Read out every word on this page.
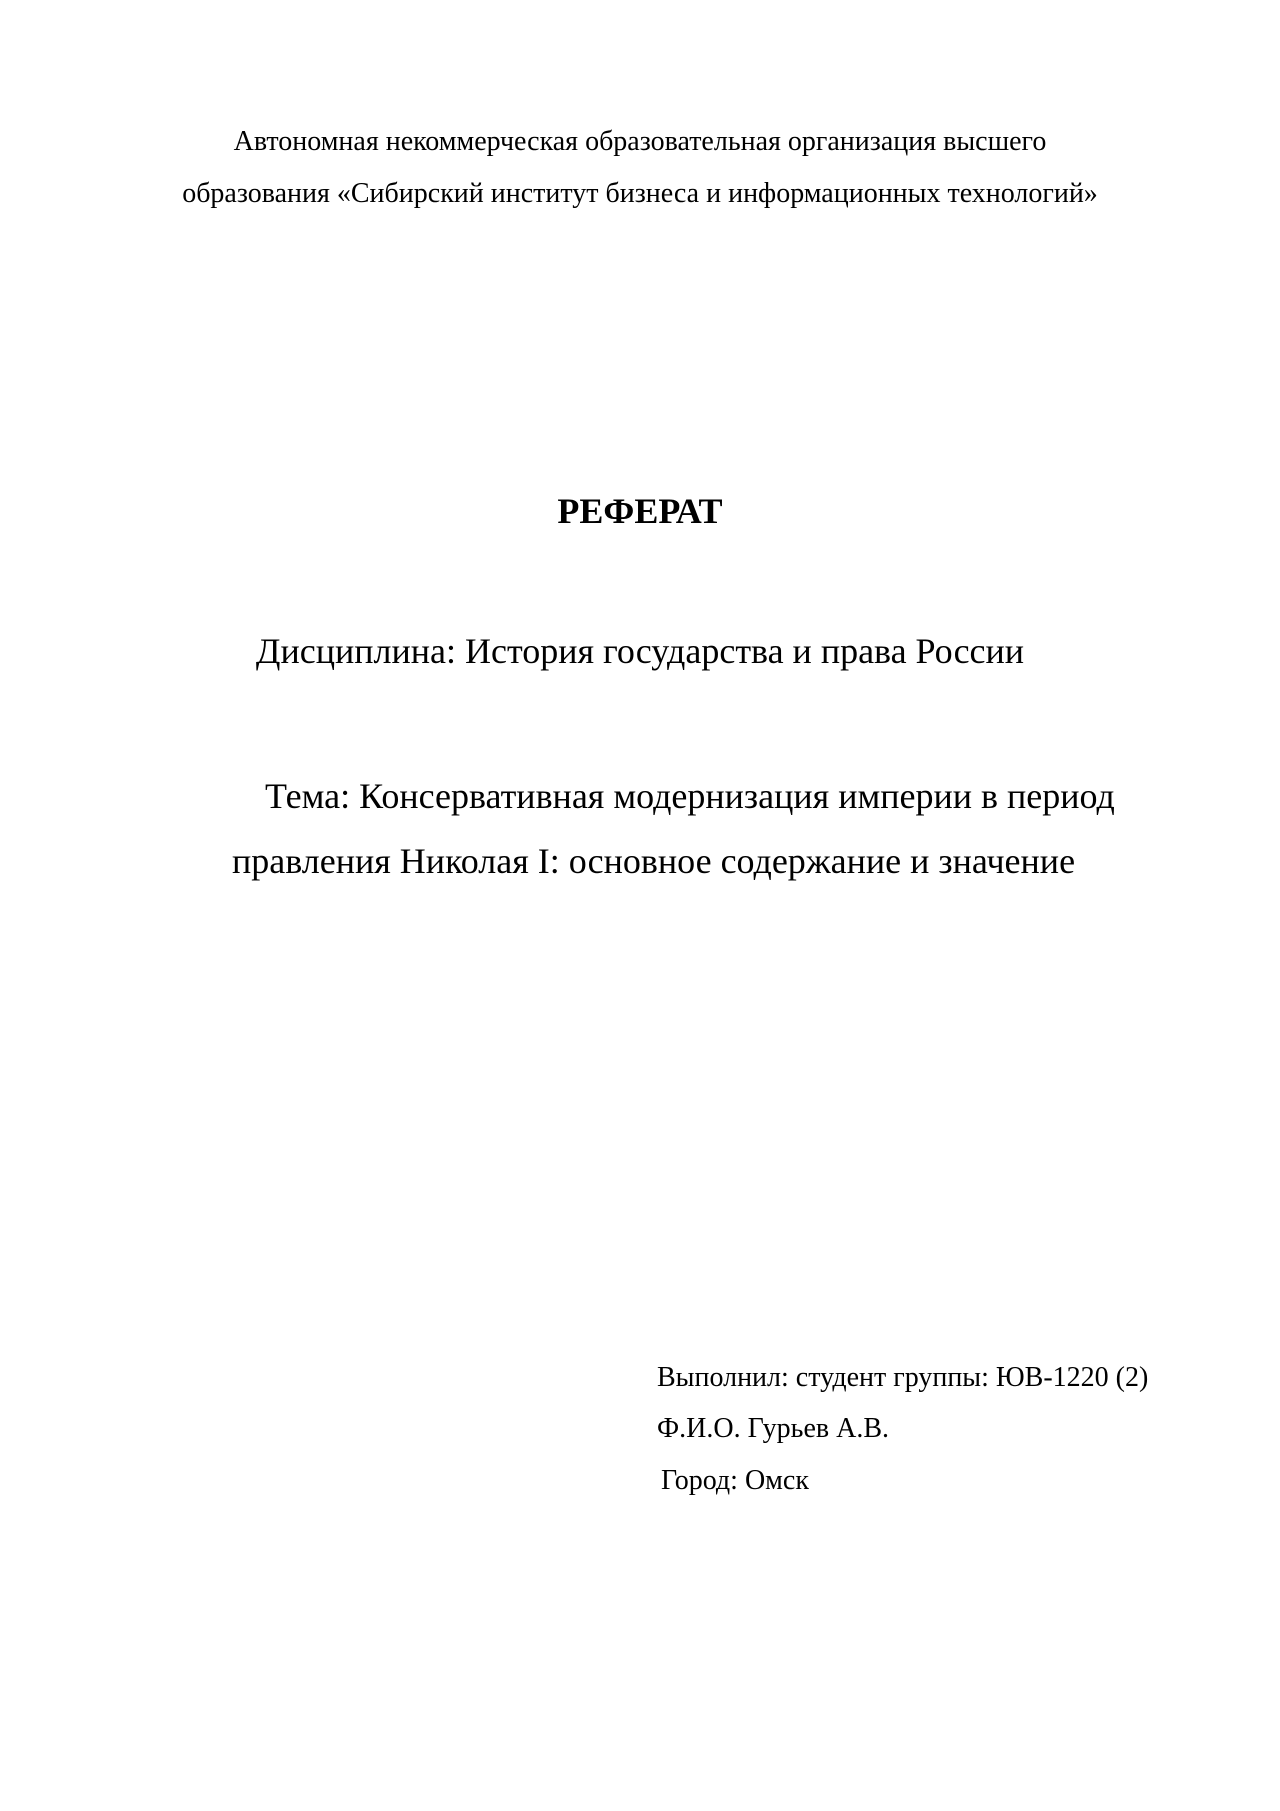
Автономная некоммерческая образовательная организация высшего

образования «Сибирский институт бизнеса и информационных технологий»

РЕФЕРАТ

Дисциплина: История государства и права России

Тема: Консервативная модернизация империи в период

правления Николая I: основное содержание и значение

Выполнил: студент группы: ЮВ-1220 (2)

Ф.И.О. Гурьев А.В.

Город: Омск
